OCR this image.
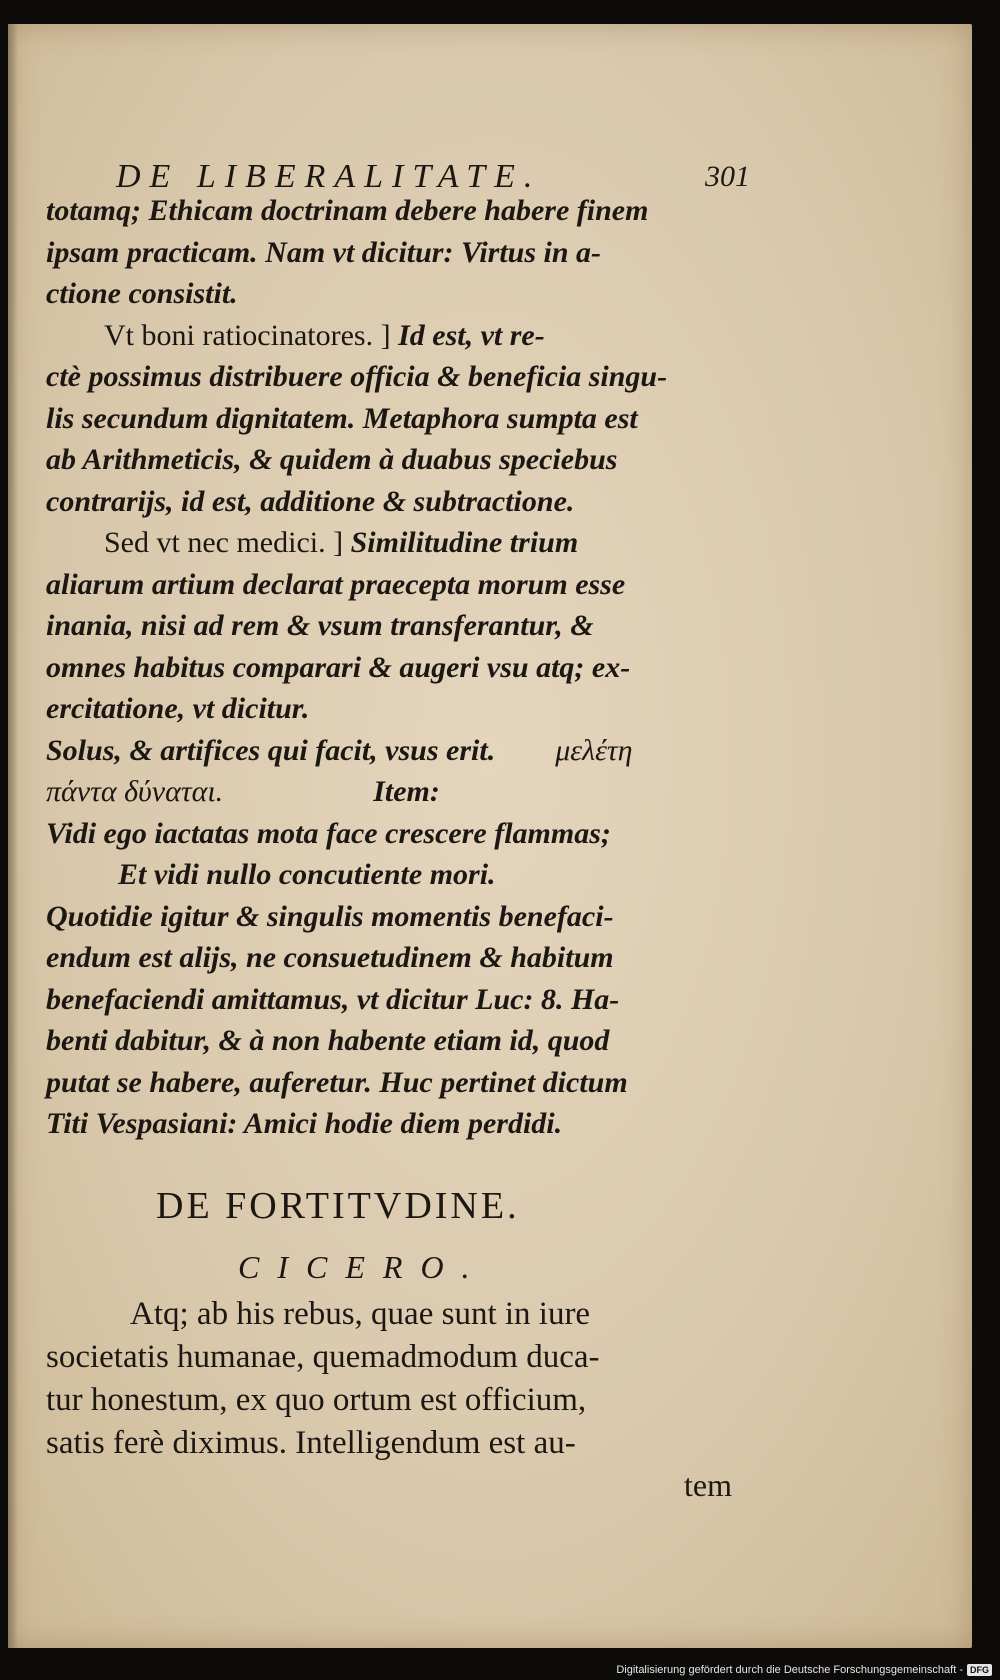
DE LIBERALITATE.	301
totamq; Ethicam doctrinam debere habere finem
ipsam practicam. Nam vt dicitur: Virtus in a-
ctione consistit.
Vt boni ratiocinatores. ] Id est, vt re-
ctè possimus distribuere officia & beneficia singu-
lis secundum dignitatem. Metaphora sumpta est
ab Arithmeticis, & quidem à duabus speciebus
contrarijs, id est, additione & subtractione.
Sed vt nec medici. ] Similitudine trium
aliarum artium declarat praecepta morum esse
inania, nisi ad rem & vsum transferantur, &
omnes habitus comparari & augeri vsu atq; ex-
ercitatione, vt dicitur.
Solus, & artifices qui facit, vsus erit. μελέτη
πάντα δύναται.	Item:
Vidi ego iactatas mota face crescere flammas;
Et vidi nullo concutiente mori.
Quotidie igitur & singulis momentis benefaci-
endum est alijs, ne consuetudinem & habitum
benefaciendi amittamus, vt dicitur Luc: 8. Ha-
benti dabitur, & à non habente etiam id, quod
putat se habere, auferetur. Huc pertinet dictum
Titi Vespasiani: Amici hodie diem perdidi.
DE FORTITVDINE.
CICERO.
Atq; ab his rebus, quae sunt in iure
societatis humanae, quemadmodum duca-
tur honestum, ex quo ortum est officium,
satis ferè diximus. Intelligendum est au-
tem
Digitalisierung gefördert durch die Deutsche Forschungsgemeinschaft - DFG
